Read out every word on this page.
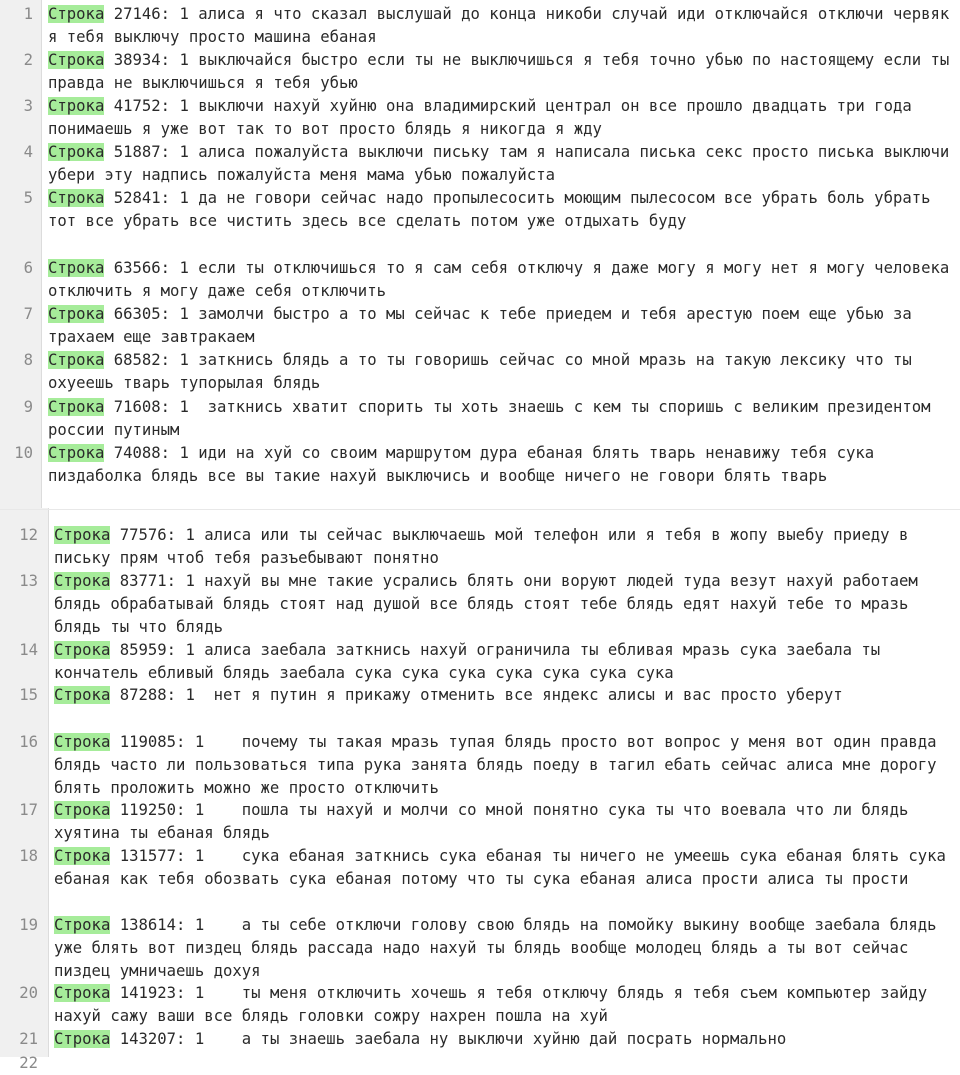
1 Строка 27146: 1 алиса я что сказал выслушай до конца никоби случай иди отключайся отключи червяк я тебя выключу просто машина ебаная
2 Строка 38934: 1 выключайся быстро если ты не выключишься я тебя точно убью по настоящему если ты правда не выключишься я тебя убью
3 Строка 41752: 1 выключи нахуй хуйню она владимирский централ он все прошло двадцать три года понимаешь я уже вот так то вот просто блядь я никогда я жду
4 Строка 51887: 1 алиса пожалуйста выключи письку там я написала писька секс просто писька выключи убери эту надпись пожалуйста меня мама убью пожалуйста
5 Строка 52841: 1 да не говори сейчас надо пропылесосить моющим пылесосом все убрать боль убрать тот все убрать все чистить здесь все сделать потом уже отдыхать буду
6 Строка 63566: 1 если ты отключишься то я сам себя отключу я даже могу я могу нет я могу человека отключить я могу даже себя отключить
7 Строка 66305: 1 замолчи быстро а то мы сейчас к тебе приедем и тебя арестую поем еще убью за трахаем еще завтракаем
8 Строка 68582: 1 заткнись блядь а то ты говоришь сейчас со мной мразь на такую лексику что ты охуеешь тварь тупорылая блядь
9 Строка 71608: 1  заткнись хватит спорить ты хоть знаешь с кем ты споришь с великим президентом россии путиным
10 Строка 74088: 1 иди на хуй со своим маршрутом дура ебаная блять тварь ненавижу тебя сука пиздаболка блядь все вы такие нахуй выключись и вообще ничего не говори блять тварь
12 Строка 77576: 1 алиса или ты сейчас выключаешь мой телефон или я тебя в жопу выебу приеду в письку прям чтоб тебя разъебывают понятно
13 Строка 83771: 1 нахуй вы мне такие усрались блять они воруют людей туда везут нахуй работаем блядь обрабатывай блядь стоят над душой все блядь стоят тебе блядь едят нахуй тебе то мразь блядь ты что блядь
14 Строка 85959: 1 алиса заебала заткнись нахуй ограничила ты ебливая мразь сука заебала ты кончатель ебливый блядь заебала сука сука сука сука сука сука сука
15 Строка 87288: 1  нет я путин я прикажу отменить все яндекс алисы и вас просто уберут
16 Строка 119085: 1    почему ты такая мразь тупая блядь просто вот вопрос у меня вот один правда блядь часто ли пользоваться типа рука занята блядь поеду в тагил ебать сейчас алиса мне дорогу блять проложить можно же просто отключить
17 Строка 119250: 1    пошла ты нахуй и молчи со мной понятно сука ты что воевала что ли блядь хуятина ты ебаная блядь
18 Строка 131577: 1    сука ебаная заткнись сука ебаная ты ничего не умеешь сука ебаная блять сука ебаная как тебя обозвать сука ебаная потому что ты сука ебаная алиса прости алиса ты прости
19 Строка 138614: 1    а ты себе отключи голову свою блядь на помойку выкину вообще заебала блядь уже блять вот пиздец блядь рассада надо нахуй ты блядь вообще молодец блядь а ты вот сейчас пиздец умничаешь дохуя
20 Строка 141923: 1    ты меня отключить хочешь я тебя отключу блядь я тебя съем компьютер зайду нахуй сажу ваши все блядь головки сожру нахрен пошла на хуй
21 Строка 143207: 1    а ты знаешь заебала ну выключи хуйню дай посрать нормально
22
